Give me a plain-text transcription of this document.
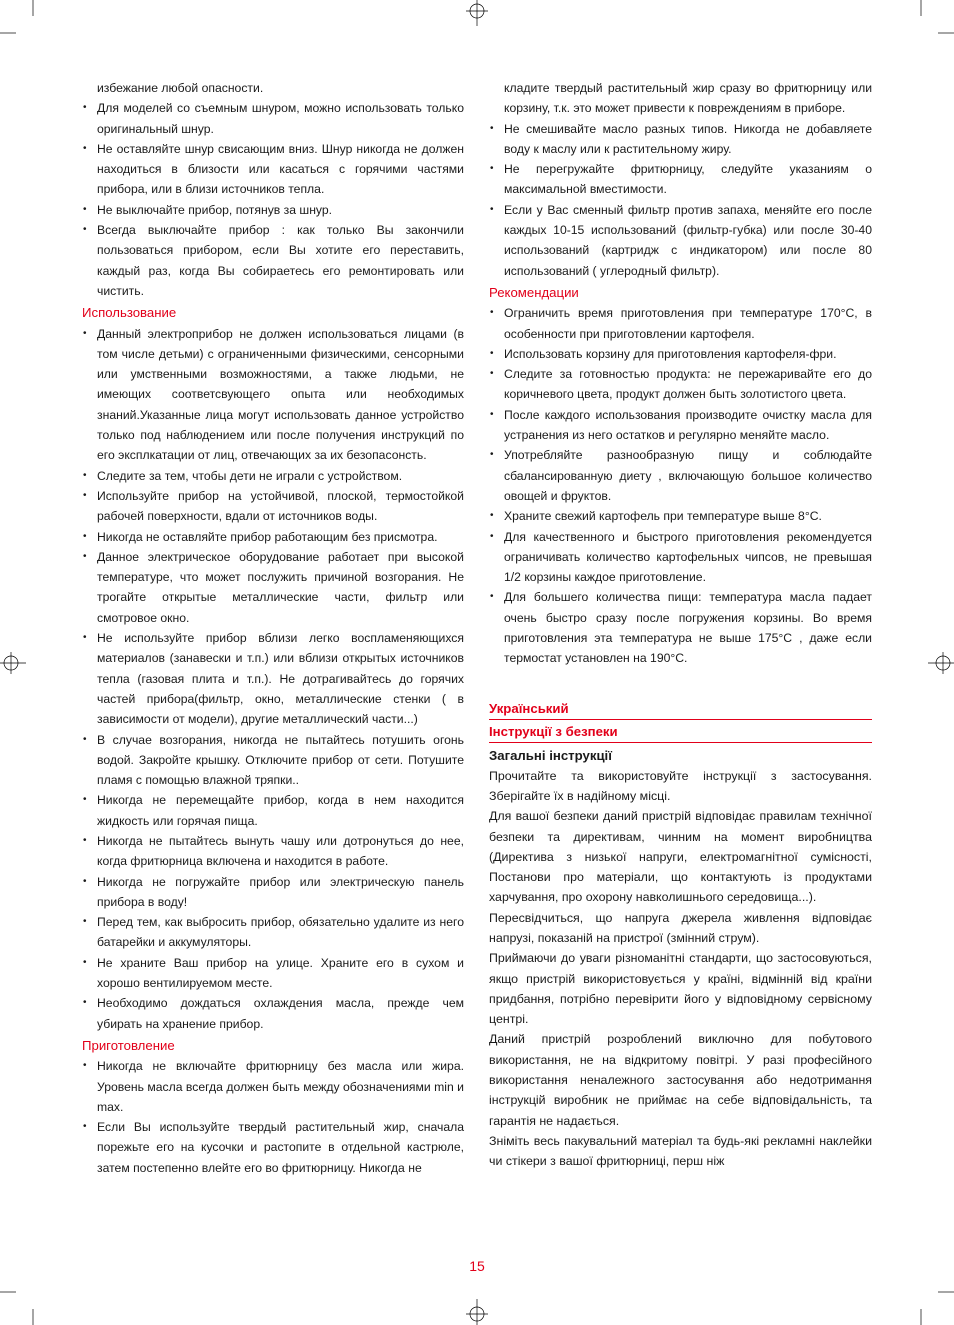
избежание любой опасности.

• Для моделей со съемным шнуром, можно использовать только оригинальный шнур.
• Не оставляйте шнур свисающим вниз. Шнур никогда не должен находиться в близости или касаться с горячими частями прибора, или в близи источников тепла.
• Не выключайте прибор, потянув за шнур.
• Всегда выключайте прибор : как только Вы закончили пользоваться прибором, если Вы хотите его переставить, каждый раз, когда Вы собираетесь его ремонтировать или чистить.
Использование
• Данный электроприбор не должен использоваться лицами (в том числе детьми) с ограниченными физическими, сенсорными или умственными возможностями, а также людьми, не имеющих соответсвующего опыта или необходимых знаний.Указанные лица могут использовать данное устройство только под наблюдением или после получения инструкций по его эксплкатации от лиц, отвечающих за их безопасонсть.
• Следите за тем, чтобы дети не играли с устройством.
• Используйте прибор на устойчивой, плоской, термостойкой рабочей поверхности, вдали от источников воды.
• Никогда не оставляйте прибор работающим без присмотра.
• Данное электрическое оборудование работает при высокой температуре, что может послужить причиной возгорания. Не трогайте открытые металлические части, фильтр или смотровое окно.
• Не используйте прибор вблизи легко воспламеняющихся материалов (занавески и т.п.) или вблизи открытых источников тепла (газовая плита и т.п.). Не дотрагивайтесь до горячих частей прибора(фильтр, окно, металлические стенки ( в зависимости от модели), другие металлический части...)
• В случае возгорания, никогда не пытайтесь потушить огонь водой. Закройте крышку. Отключите прибор от сети. Потушите пламя с помощью влажной тряпки..
• Никогда не перемещайте прибор, когда в нем находится жидкость или горячая пища.
• Никогда не пытайтесь вынуть чашу или дотронуться до нее, когда фритюрница включена и находится в работе.
• Никогда не погружайте прибор или электрическую панель прибора в воду!
• Перед тем, как выбросить прибор, обязательно удалите из него батарейки и аккумуляторы.
• Не храните Ваш прибор на улице. Храните его в сухом и хорошо вентилируемом месте.
• Необходимо дождаться охлаждения масла, прежде чем убирать на хранение прибор.
Приготовление
• Никогда не включайте фритюрницу без масла или жира. Уровень масла всегда должен быть между обозначениями min и max.
• Если Вы используйте твердый растительный жир, сначала порежьте его на кусочки и растопите в отдельной кастрюле, затем постепенно влейте его во фритюрницу. Никогда не

кладите твердый растительный жир сразу во фритюрницу или корзину, т.к. это может привести к повреждениям в приборе.

• Не смешивайте масло разных типов. Никогда не добавляете воду к маслу или к растительному жиру.
• Не перегружайте фритюрницу, следуйте указаниям о максимальной вместимости.
• Если у Вас сменный фильтр против запаха, меняйте его после каждых 10-15 использований (фильтр-губка) или после 30-40 использований (картридж с индикатором) или после 80 использований ( углеродный фильтр).
Рекомендации
• Ограничить время приготовления при температуре 170°C, в особенности при приготовлении картофеля.
• Использовать корзину для приготовления картофеля-фри.
• Следите за готовностью продукта: не пережаривайте его до коричневого цвета, продукт должен быть золотистого цвета.
• После каждого использования производите очистку масла для устранения из него остатков и регулярно меняйте масло.
• Употребляйте разнообразную пищу и соблюдайте сбалансированную диету , включающую большое количество овощей и фруктов.
• Храните свежий картофель при температуре выше 8°C.
• Для качественного и быстрого приготовления рекомендуется ограничивать количество картофельных чипсов, не превышая 1/2 корзины каждое приготовление.
• Для большего количества пищи: температура масла падает очень быстро сразу после погружения корзины. Во время приготовления эта температура не выше 175°C , даже если термостат установлен на 190°C.
Український
Інструкції з безпеки
Загальні інструкції

Прочитайте та використовуйте інструкції з застосування. Зберігайте їх в надійному місці.

Для вашої безпеки даний пристрій відповідає правилам технічної безпеки та директивам, чинним на момент виробництва (Директива з низької напруги, електромагнітної сумісності, Постанови про матеріали, що контактують із продуктами харчування, про охорону навколишнього середовища...).

Пересвідчиться, що напруга джерела живлення відповідає напрузі, показаній на пристрої (змінний струм).

Приймаючи до уваги різноманітні стандарти, що застосовуються, якщо пристрій використовується у країні, відмінній від країни придбання, потрібно перевірити його у відповідному сервісному центрі.

Даний пристрій розроблений виключно для побутового використання, не на відкритому повітрі. У разі професійного використання неналежного застосування або недотримання інструкцій виробник не приймає на себе відповідальність, та гарантія не надається.

Зніміть весь пакувальний матеріал та будь-які рекламні наклейки чи стікери з вашої фритюрниці, перш ніж

15
